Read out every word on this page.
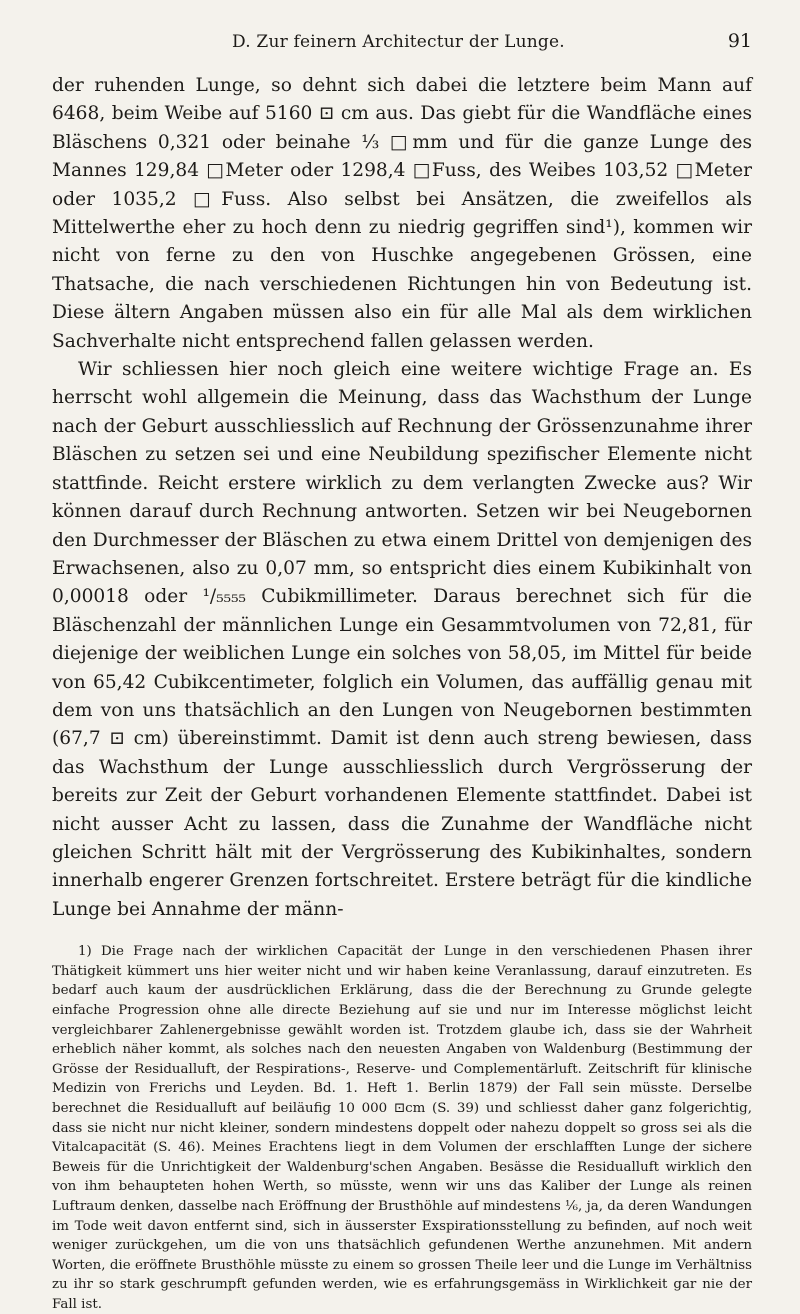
D. Zur feinern Architectur der Lunge.	91

der ruhenden Lunge, so dehnt sich dabei die letztere beim Mann auf 6468, beim Weibe auf 5160 ⊡ cm aus. Das giebt für die Wandfläche eines Bläschens 0,321 oder beinahe ⅓ □mm und für die ganze Lunge des Mannes 129,84 □Meter oder 1298,4 □Fuss, des Weibes 103,52 □Meter oder 1035,2 □Fuss. Also selbst bei Ansätzen, die zweifellos als Mittelwerthe eher zu hoch denn zu niedrig gegriffen sind¹), kommen wir nicht von ferne zu den von Huschke angegebenen Grössen, eine Thatsache, die nach verschiedenen Richtungen hin von Bedeutung ist. Diese ältern Angaben müssen also ein für alle Mal als dem wirklichen Sachverhalte nicht entsprechend fallen gelassen werden.

Wir schliessen hier noch gleich eine weitere wichtige Frage an. Es herrscht wohl allgemein die Meinung, dass das Wachsthum der Lunge nach der Geburt ausschliesslich auf Rechnung der Grössenzunahme ihrer Bläschen zu setzen sei und eine Neubildung spezifischer Elemente nicht stattfinde. Reicht erstere wirklich zu dem verlangten Zwecke aus? Wir können darauf durch Rechnung antworten. Setzen wir bei Neugebornen den Durchmesser der Bläschen zu etwa einem Drittel von demjenigen des Erwachsenen, also zu 0,07 mm, so entspricht dies einem Kubikinhalt von 0,00018 oder ¹/₅₅₅₅ Cubikmillimeter. Daraus berechnet sich für die Bläschenzahl der männlichen Lunge ein Gesammtvolumen von 72,81, für diejenige der weiblichen Lunge ein solches von 58,05, im Mittel für beide von 65,42 Cubikcentimeter, folglich ein Volumen, das auffällig genau mit dem von uns thatsächlich an den Lungen von Neugebornen bestimmten (67,7 ⊡ cm) übereinstimmt. Damit ist denn auch streng bewiesen, dass das Wachsthum der Lunge ausschliesslich durch Vergrösserung der bereits zur Zeit der Geburt vorhandenen Elemente stattfindet. Dabei ist nicht ausser Acht zu lassen, dass die Zunahme der Wandfläche nicht gleichen Schritt hält mit der Vergrösserung des Kubikinhaltes, sondern innerhalb engerer Grenzen fortschreitet. Erstere beträgt für die kindliche Lunge bei Annahme der männ-

1) Die Frage nach der wirklichen Capacität der Lunge in den verschiedenen Phasen ihrer Thätigkeit kümmert uns hier weiter nicht und wir haben keine Veranlassung, darauf einzutreten. Es bedarf auch kaum der ausdrücklichen Erklärung, dass die der Berechnung zu Grunde gelegte einfache Progression ohne alle directe Beziehung auf sie und nur im Interesse möglichst leicht vergleichbarer Zahlenergebnisse gewählt worden ist. Trotzdem glaube ich, dass sie der Wahrheit erheblich näher kommt, als solches nach den neuesten Angaben von Waldenburg (Bestimmung der Grösse der Residualluft, der Respirations-, Reserve- und Complementärluft. Zeitschrift für klinische Medizin von Frerichs und Leyden. Bd. 1. Heft 1. Berlin 1879) der Fall sein müsste. Derselbe berechnet die Residualluft auf beiläufig 10 000 ⊡cm (S. 39) und schliesst daher ganz folgerichtig, dass sie nicht nur nicht kleiner, sondern mindestens doppelt oder nahezu doppelt so gross sei als die Vitalcapacität (S. 46). Meines Erachtens liegt in dem Volumen der erschlafften Lunge der sichere Beweis für die Unrichtigkeit der Waldenburg'schen Angaben. Besässe die Residualluft wirklich den von ihm behaupteten hohen Werth, so müsste, wenn wir uns das Kaliber der Lunge als reinen Luftraum denken, dasselbe nach Eröffnung der Brusthöhle auf mindestens ⅙, ja, da deren Wandungen im Tode weit davon entfernt sind, sich in äusserster Exspirationsstellung zu befinden, auf noch weit weniger zurückgehen, um die von uns thatsächlich gefundenen Werthe anzunehmen. Mit andern Worten, die eröffnete Brusthöhle müsste zu einem so grossen Theile leer und die Lunge im Verhältniss zu ihr so stark geschrumpft gefunden werden, wie es erfahrungsgemäss in Wirklichkeit gar nie der Fall ist.
